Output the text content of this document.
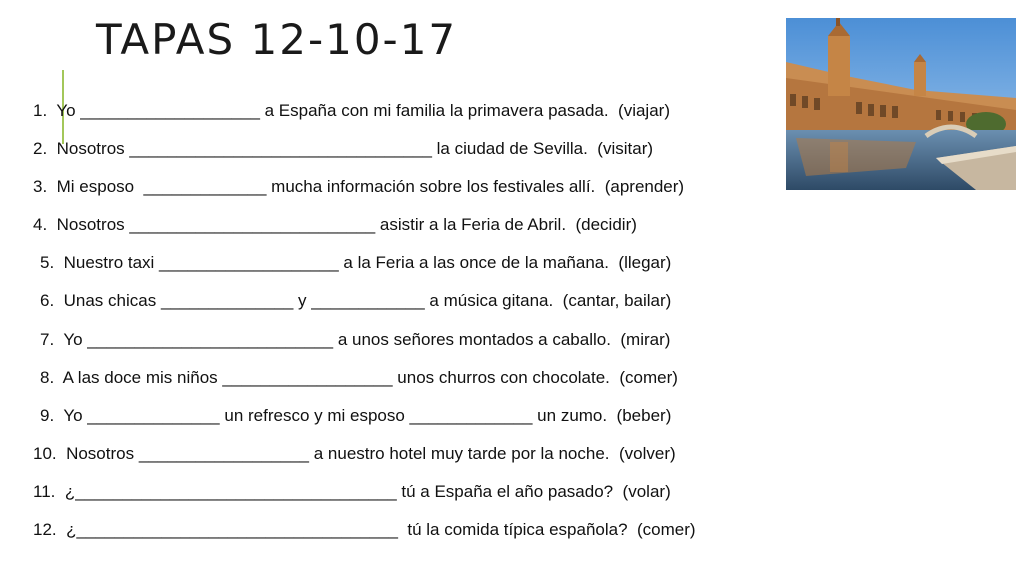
TAPAS 12-10-17
1.  Yo ___________________ a España con mi familia la primavera pasada.  (viajar)
2.  Nosotros ________________________________ la ciudad de Sevilla.  (visitar)
3.  Mi esposo  _____________ mucha información sobre los festivales allí.  (aprender)
4.  Nosotros __________________________ asistir a la Feria de Abril.  (decidir)
5.  Nuestro taxi ___________________ a la Feria a las once de la mañana.  (llegar)
6.  Unas chicas ______________ y ____________ a música gitana.  (cantar, bailar)
7.  Yo __________________________ a unos señores montados a caballo.  (mirar)
8.  A las doce mis niños __________________ unos churros con chocolate.  (comer)
9.  Yo ______________ un refresco y mi esposo _____________ un zumo.  (beber)
10.  Nosotros __________________ a nuestro hotel muy tarde por la noche.  (volver)
11.  ¿__________________________________ tú a España el año pasado?  (volar)
12.  ¿__________________________________  tú la comida típica española?  (comer)
